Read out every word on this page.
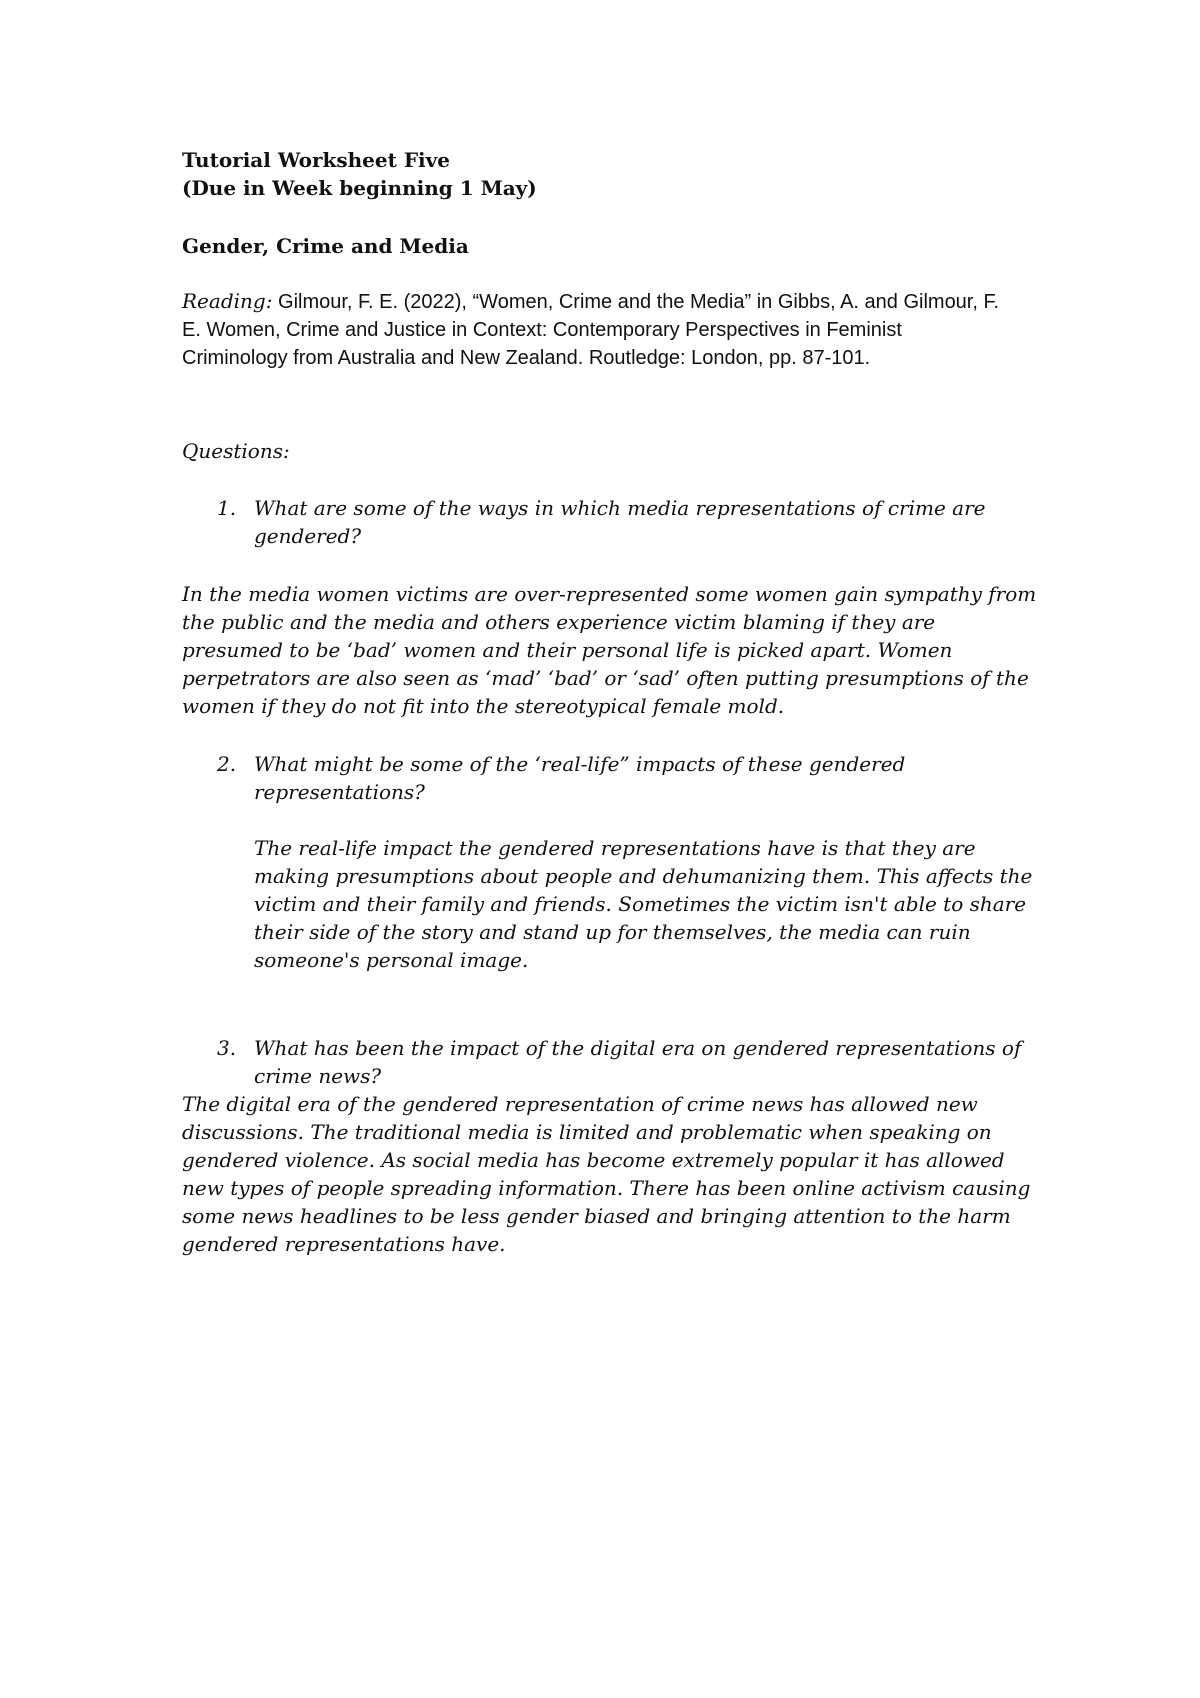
Tutorial Worksheet Five
(Due in Week beginning 1 May)
Gender, Crime and Media
Reading: Gilmour, F. E. (2022), “Women, Crime and the Media” in Gibbs, A. and Gilmour, F. E. Women, Crime and Justice in Context: Contemporary Perspectives in Feminist Criminology from Australia and New Zealand. Routledge: London, pp. 87-101.
Questions:
1. What are some of the ways in which media representations of crime are gendered?
In the media women victims are over-represented some women gain sympathy from the public and the media and others experience victim blaming if they are presumed to be ‘bad’ women and their personal life is picked apart. Women perpetrators are also seen as ‘mad’ ‘bad’ or ‘sad’ often putting presumptions of the women if they do not fit into the stereotypical female mold.
2. What might be some of the ‘real-life” impacts of these gendered representations?
The real-life impact the gendered representations have is that they are making presumptions about people and dehumanizing them. This affects the victim and their family and friends. Sometimes the victim isn't able to share their side of the story and stand up for themselves, the media can ruin someone's personal image.
3. What has been the impact of the digital era on gendered representations of crime news?
The digital era of the gendered representation of crime news has allowed new discussions. The traditional media is limited and problematic when speaking on gendered violence. As social media has become extremely popular it has allowed new types of people spreading information. There has been online activism causing some news headlines to be less gender biased and bringing attention to the harm gendered representations have.
